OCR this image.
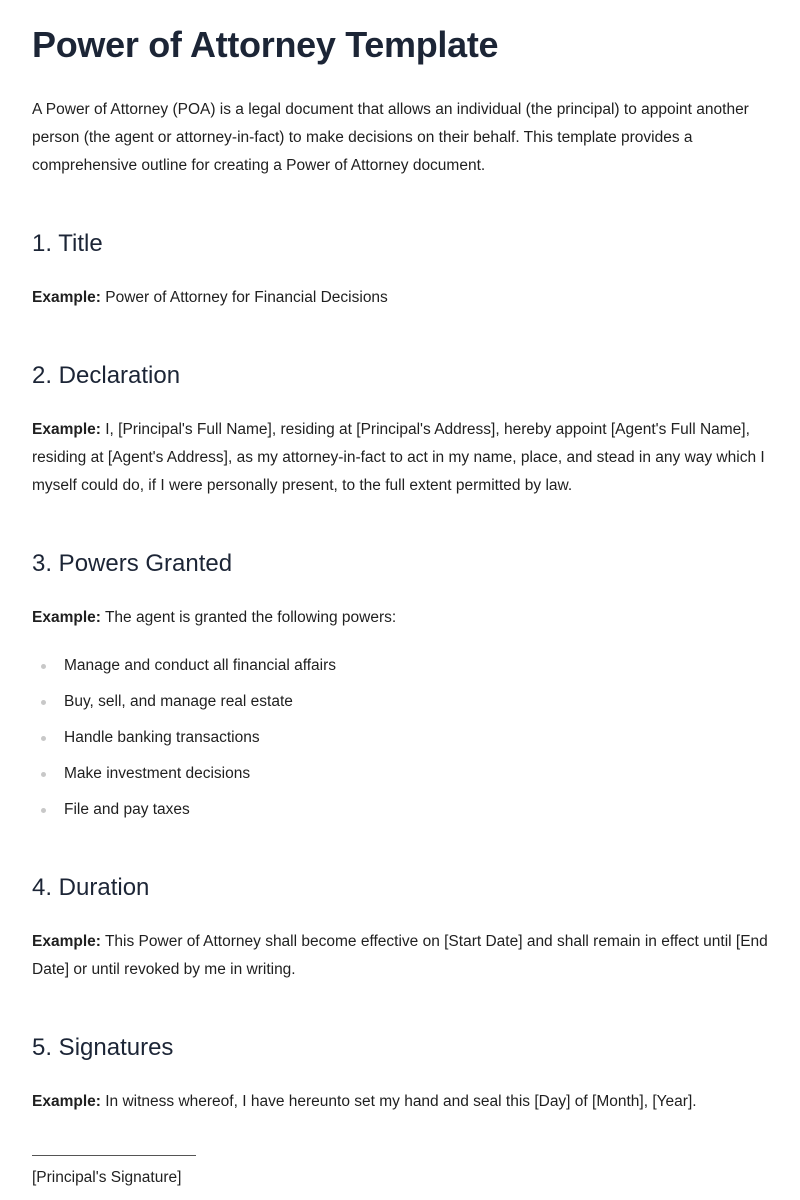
Power of Attorney Template

A Power of Attorney (POA) is a legal document that allows an individual (the principal) to appoint another person (the agent or attorney-in-fact) to make decisions on their behalf. This template provides a comprehensive outline for creating a Power of Attorney document.

1. Title

Example: Power of Attorney for Financial Decisions

2. Declaration

Example: I, [Principal's Full Name], residing at [Principal's Address], hereby appoint [Agent's Full Name], residing at [Agent's Address], as my attorney-in-fact to act in my name, place, and stead in any way which I myself could do, if I were personally present, to the full extent permitted by law.

3. Powers Granted

Example: The agent is granted the following powers:

Manage and conduct all financial affairs
Buy, sell, and manage real estate
Handle banking transactions
Make investment decisions
File and pay taxes
4. Duration

Example: This Power of Attorney shall become effective on [Start Date] and shall remain in effect until [End Date] or until revoked by me in writing.

5. Signatures

Example: In witness whereof, I have hereunto set my hand and seal this [Day] of [Month], [Year].

[Principal's Signature]
